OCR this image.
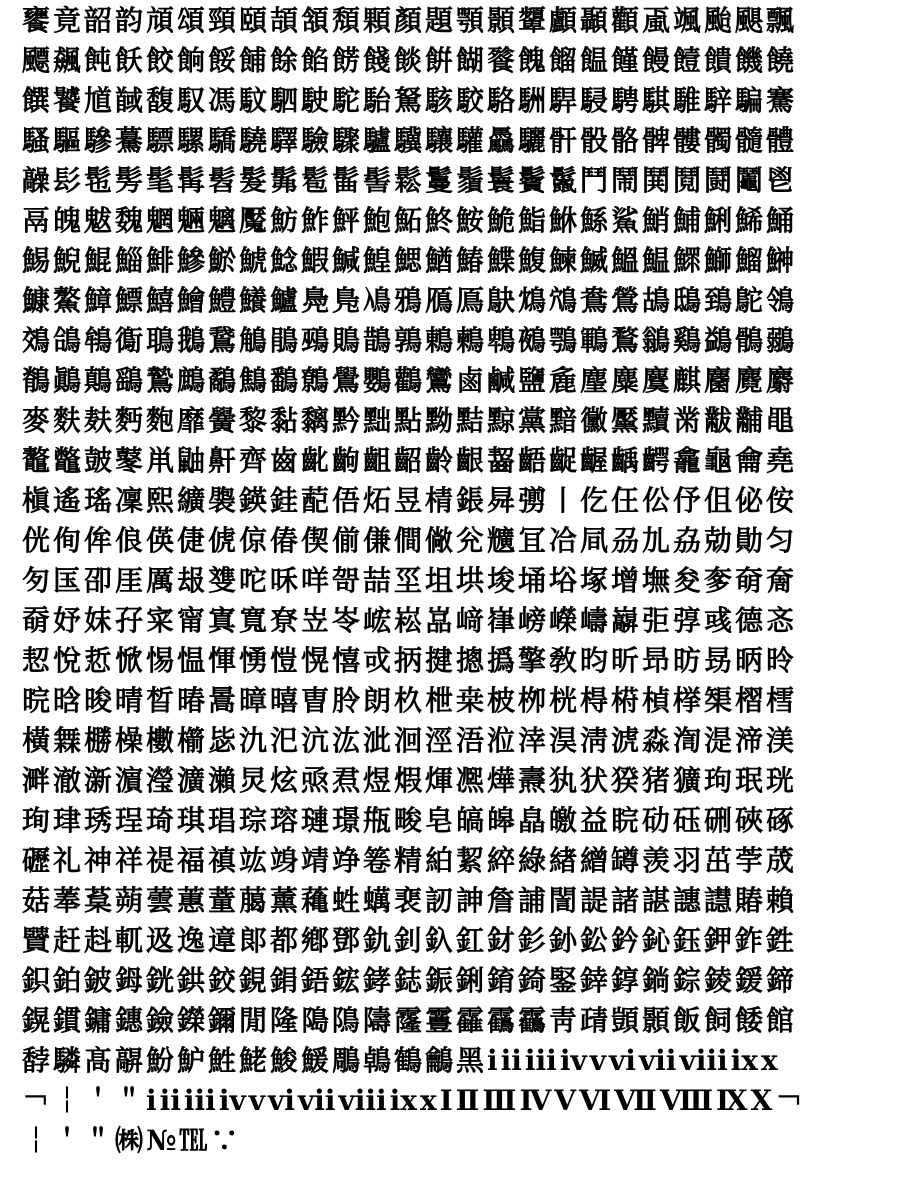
饔竟韶韵頏頌頸頤頡頷頽顆顏題顎顥顰顱顳顴颪颯颱颶飄
飃飆飩飫餃餉餒餔餘餡餝餞餤餠餬餮餽餾饂饉饅饐饋饑饒
饌饕馗馘馥馭馮馼駟駛駝駘駑駭駮駱駲駻駸騁騏騅騂騙騫
騷驅驂驀驃騾驕驍驛驗驟驢驥驤驩驫驪骭骰骼髀髏髑髓體
髞髟髢髣髦髯髫髮髴髱髷髻鬆鬘鬚鬟鬢鬣鬥鬧鬨鬩鬪鬮鬯
鬲魄魃魏魍魎魑魘魴鮓鮃鮑鮖鮗鮟鮠鮨鮴鯀鯊鮹鯆鯏鯑鯒
鯣鯢鯤鯔鯡鰺鯲鯱鯰鰕鰔鰉鰓鰌鰆鰈鰒鰊鰄鰮鰛鰥鰤鰡鰰
鱇鰲鱆鰾鱚鱠鱧鱶鱸鳧鳬鳰鴉鴈鳫鴃鴆鴪鴦鶯鴣鴟鵄鴕鴒
鵁鴿鴾鵆鵈鵝鵞鵤鵑鵐鵙鵲鶉鶇鶫鵯鵺鶚鶤鶩鶲鷄鷁鶻鶸
鶺鷆鷏鷂鷙鷓鷸鷦鷭鷯鷽鸚鸛鸞鹵鹹鹽麁麈麋麌麒麕麑麝
麥麩麸麪麭靡黌黎黏黐黔黜點黝黠黥黨黯黴黶黷黹黻黼黽
鼇鼈皷鼕鼡鼬鼾齊齒齔齣齟齠齡齦齧齬齪齷齲齶龕龜龠堯
槇遙瑤凜熙纊褜鍈銈蓜俉炻昱棈鋹曻彅丨仡仼伀伃伹佖侒
侊侚侔俍偀倢俿倞偆偰偂傔僴僘兊兤冝冾凬刕劜劦勀勛匀
匇匤卲厓厲叝﨎咜咊咩哿喆坙坥垬埈埇﨏塚增墲夋奓奛奝
奣妤妺孖寀甯寘寬尞岦岺峵崧嵓﨑嵂嵭嶸嶹巐弡弴彧德忞
恝悅悊惞惕愠惲愑愷愰憘戓抦揵摠撝擎敎昀昕昻昉昮昞昤
晥晗晙晴晳暙暠暲暿曺朎朗杦枻桒柀栁桄棏﨓楨﨔榘槢樰
橫橆橳橾櫢櫤毖氿汜沆汯泚洄涇浯涖涬淏淸淲淼渹湜渧渼
溿澈澵濵瀅瀇瀨炅炫焏焄煜煆煇凞燁燾犱犾猤猪獷玽珉珖
珣珒琇珵琦琪琩琮瑢璉璟甁畯皂皜皞皛皦益睆劯砡硎硤硺
礰礼神祥禔福禛竑竧靖竫箞精絈絜綷綠緖繒罇羡羽茁荢荿
菇菶葈蒴蕓蕙蕫﨟薰蘒﨡蠇裵訒訷詹誧誾諟諸諶譓譿賰賴
贒赶﨣軏﨤逸遧郞都鄕鄧釚釗釞釭釮釤釥鈆鈐鈊鈺鉀鈼鉎
鉙鉑鈹鉧銧鉷鉸鋧鋗鋙鋐﨧鋕鋠鋓錥錡鋻﨨錞鋿錝錂鍰鍗
鎤鏆鏞鏸鐱鑅鑈閒隆﨩隝隯霳霻靃靍靏靑靕顗顥飯飼餧館
馞驎髙髜魵魲鮏鮱鮻鰀鵰鵫鶴鸙黑ⅰⅱⅲⅳⅴⅵⅶⅷⅸⅹ
￢￤＇＂ⅰⅱⅲⅳⅴⅵⅶⅷⅸⅹⅠⅡⅢⅣⅤⅥⅦⅧⅨⅩ￢
￤＇＂㈱№℡∵
